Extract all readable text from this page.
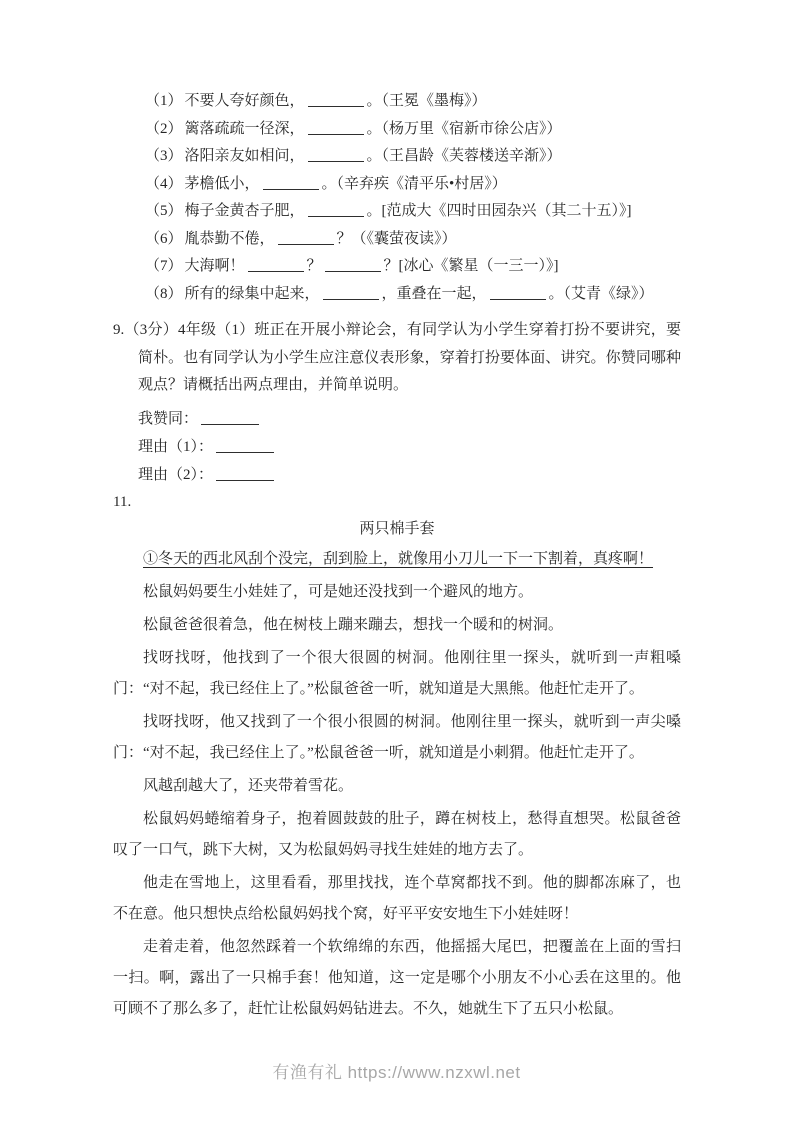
（1） 不要人夸好颜色，	。（王冕《墨梅》）
（2） 篱落疏疏一径深，	。（杨万里《宿新市徐公店》）
（3） 洛阳亲友如相问，	。（王昌龄《芙蓉楼送辛渐》）
（4） 茅檐低小，	。（辛弃疾《清平乐•村居》）
（5） 梅子金黄杏子肥，	。[范成大《四时田园杂兴（其二十五）》]
（6） 胤恭勤不倦，	？（《囊萤夜读》）
（7） 大海啊！	？	？[冰心《繁星（一三一）》]
（8） 所有的绿集中起来，	，重叠在一起，	。（艾青《绿》）
9.（3分）4年级（1）班正在开展小辩论会，有同学认为小学生穿着打扮不要讲究，要简朴。也有同学认为小学生应注意仪表形象，穿着打扮要体面、讲究。你赞同哪种观点？请概括出两点理由，并简单说明。
我赞同：
理由（1）：
理由（2）：
11.
两只棉手套

①冬天的西北风刮个没完，刮到脸上，就像用小刀儿一下一下割着，真疼啊！

松鼠妈妈要生小娃娃了，可是她还没找到一个避风的地方。

松鼠爸爸很着急，他在树枝上蹦来蹦去，想找一个暖和的树洞。

找呀找呀，他找到了一个很大很圆的树洞。他刚往里一探头，就听到一声粗嗓门：“对不起，我已经住上了。”松鼠爸爸一听，就知道是大黑熊。他赶忙走开了。

找呀找呀，他又找到了一个很小很圆的树洞。他刚往里一探头，就听到一声尖嗓门：“对不起，我已经住上了。”松鼠爸爸一听，就知道是小刺猬。他赶忙走开了。

风越刮越大了，还夹带着雪花。

松鼠妈妈蜷缩着身子，抱着圆鼓鼓的肚子，蹲在树枝上，愁得直想哭。松鼠爸爸叹了一口气，跳下大树，又为松鼠妈妈寻找生娃娃的地方去了。

他走在雪地上，这里看看，那里找找，连个草窝都找不到。他的脚都冻麻了，也不在意。他只想快点给松鼠妈妈找个窝，好平平安安地生下小娃娃呀！

走着走着，他忽然踩着一个软绵绵的东西，他摇摇大尾巴，把覆盖在上面的雪扫一扫。啊，露出了一只棉手套！他知道，这一定是哪个小朋友不小心丢在这里的。他可顾不了那么多了，赶忙让松鼠妈妈钻进去。不久，她就生下了五只小松鼠。

有渔有礼 https://www.nzxwl.net
